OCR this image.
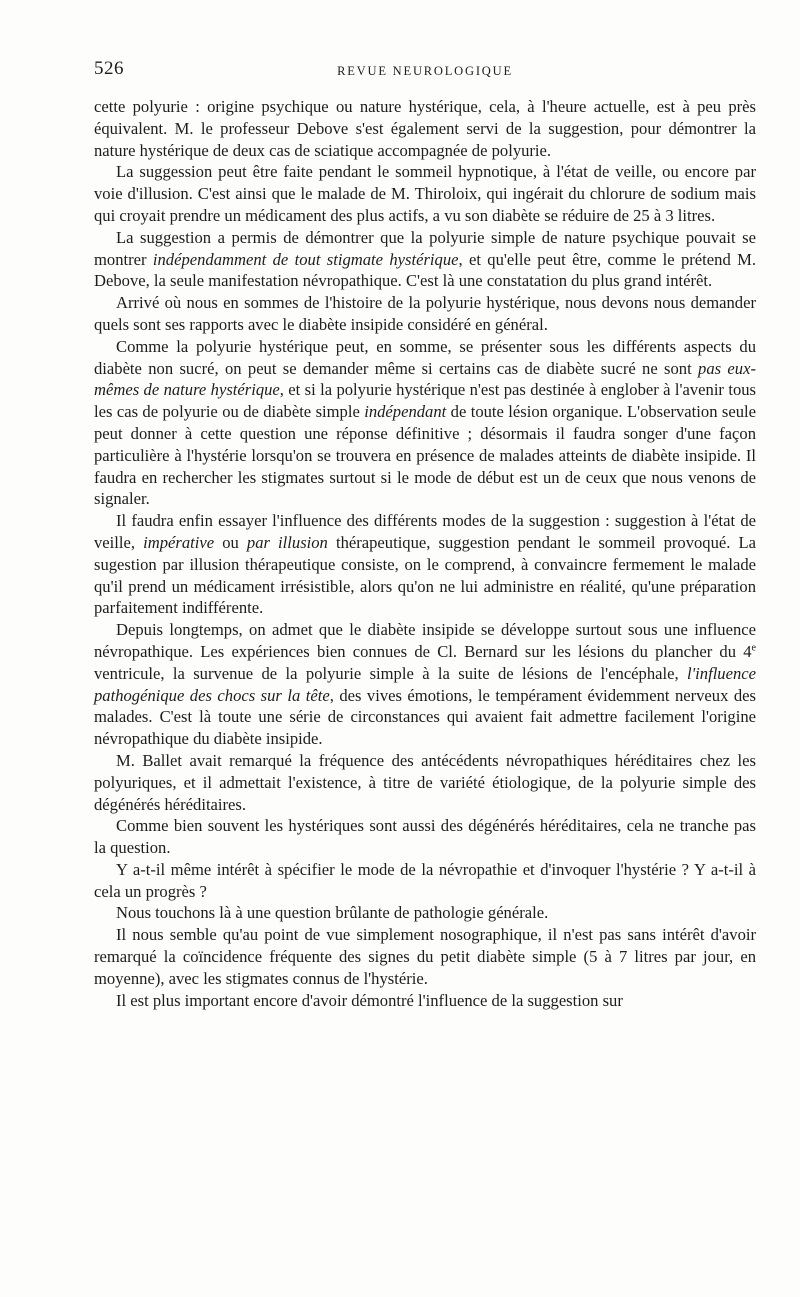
526	REVUE NEUROLOGIQUE

cette polyurie : origine psychique ou nature hystérique, cela, à l'heure actuelle, est à peu près équivalent. M. le professeur Debove s'est également servi de la suggestion, pour démontrer la nature hystérique de deux cas de sciatique accompagnée de polyurie.

La suggession peut être faite pendant le sommeil hypnotique, à l'état de veille, ou encore par voie d'illusion. C'est ainsi que le malade de M. Thiroloix, qui ingérait du chlorure de sodium mais qui croyait prendre un médicament des plus actifs, a vu son diabète se réduire de 25 à 3 litres.

La suggestion a permis de démontrer que la polyurie simple de nature psychique pouvait se montrer indépendamment de tout stigmate hystérique, et qu'elle peut être, comme le prétend M. Debove, la seule manifestation névropathique. C'est là une constatation du plus grand intérêt.

Arrivé où nous en sommes de l'histoire de la polyurie hystérique, nous devons nous demander quels sont ses rapports avec le diabète insipide considéré en général.

Comme la polyurie hystérique peut, en somme, se présenter sous les différents aspects du diabète non sucré, on peut se demander même si certains cas de diabète sucré ne sont pas eux-mêmes de nature hystérique, et si la polyurie hystérique n'est pas destinée à englober à l'avenir tous les cas de polyurie ou de diabète simple indépendant de toute lésion organique. L'observation seule peut donner à cette question une réponse définitive ; désormais il faudra songer d'une façon particulière à l'hystérie lorsqu'on se trouvera en présence de malades atteints de diabète insipide. Il faudra en rechercher les stigmates surtout si le mode de début est un de ceux que nous venons de signaler.

Il faudra enfin essayer l'influence des différents modes de la suggestion : suggestion à l'état de veille, impérative ou par illusion thérapeutique, suggestion pendant le sommeil provoqué. La sugestion par illusion thérapeutique consiste, on le comprend, à convaincre fermement le malade qu'il prend un médicament irrésistible, alors qu'on ne lui administre en réalité, qu'une préparation parfaitement indifférente.

Depuis longtemps, on admet que le diabète insipide se développe surtout sous une influence névropathique. Les expériences bien connues de Cl. Bernard sur les lésions du plancher du 4e ventricule, la survenue de la polyurie simple à la suite de lésions de l'encéphale, l'influence pathogénique des chocs sur la tête, des vives émotions, le tempérament évidemment nerveux des malades. C'est là toute une série de circonstances qui avaient fait admettre facilement l'origine névropathique du diabète insipide.

M. Ballet avait remarqué la fréquence des antécédents névropathiques héréditaires chez les polyuriques, et il admettait l'existence, à titre de variété étiologique, de la polyurie simple des dégénérés héréditaires.

Comme bien souvent les hystériques sont aussi des dégénérés héréditaires, cela ne tranche pas la question.

Y a-t-il même intérêt à spécifier le mode de la névropathie et d'invoquer l'hystérie ? Y a-t-il à cela un progrès ?

Nous touchons là à une question brûlante de pathologie générale.

Il nous semble qu'au point de vue simplement nosographique, il n'est pas sans intérêt d'avoir remarqué la coïncidence fréquente des signes du petit diabète simple (5 à 7 litres par jour, en moyenne), avec les stigmates connus de l'hystérie.

Il est plus important encore d'avoir démontré l'influence de la suggestion sur
